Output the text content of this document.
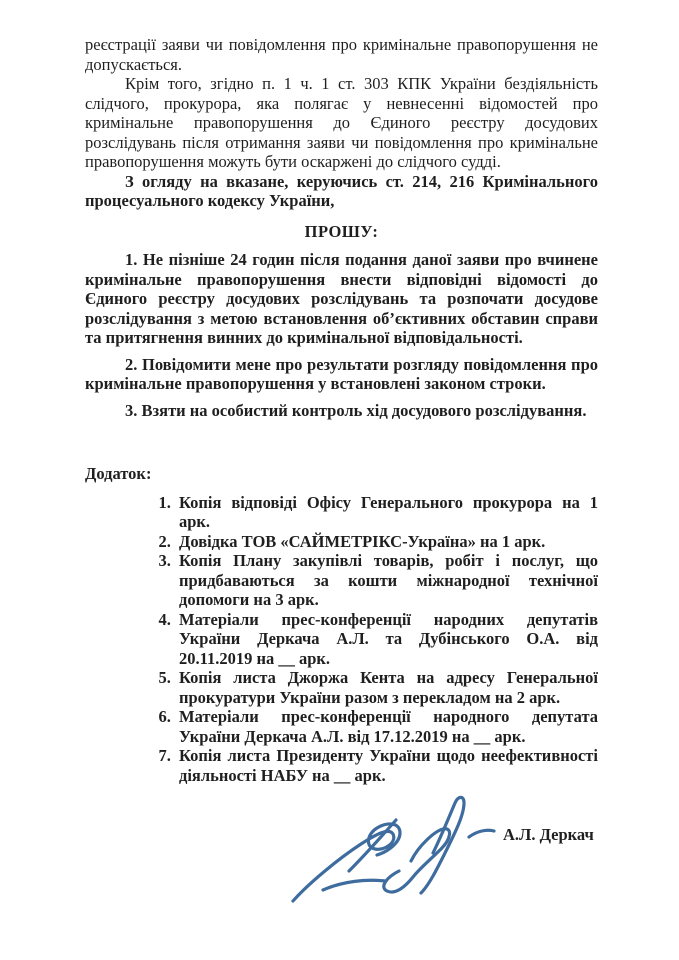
реєстрації заяви чи повідомлення про кримінальне правопорушення не допускається.

Крім того, згідно п. 1 ч. 1 ст. 303 КПК України бездіяльність слідчого, прокурора, яка полягає у невнесенні відомостей про кримінальне правопорушення до Єдиного реєстру досудових розслідувань після отримання заяви чи повідомлення про кримінальне правопорушення можуть бути оскаржені до слідчого судді.

З огляду на вказане, керуючись ст. 214, 216 Кримінального процесуального кодексу України,

ПРОШУ:

1. Не пізніше 24 годин після подання даної заяви про вчинене кримінальне правопорушення внести відповідні відомості до Єдиного реєстру досудових розслідувань та розпочати досудове розслідування з метою встановлення об’єктивних обставин справи та притягнення винних до кримінальної відповідальності.

2. Повідомити мене про результати розгляду повідомлення про кримінальне правопорушення у встановлені законом строки.

3. Взяти на особистий контроль хід досудового розслідування.

Додаток:

1. Копія відповіді Офісу Генерального прокурора на 1 арк.
2. Довідка ТОВ «САЙМЕТРІКС-Україна» на 1 арк.
3. Копія Плану закупівлі товарів, робіт і послуг, що придбаваються за кошти міжнародної технічної допомоги на 3 арк.
4. Матеріали прес-конференції народних депутатів України Деркача А.Л. та Дубінського О.А. від 20.11.2019 на __ арк.
5. Копія листа Джоржа Кента на адресу Генеральної прокуратури України разом з перекладом на 2 арк.
6. Матеріали прес-конференції народного депутата України Деркача А.Л. від 17.12.2019 на __ арк.
7. Копія листа Президенту України щодо неефективності діяльності НАБУ на __ арк.
А.Л. Деркач
